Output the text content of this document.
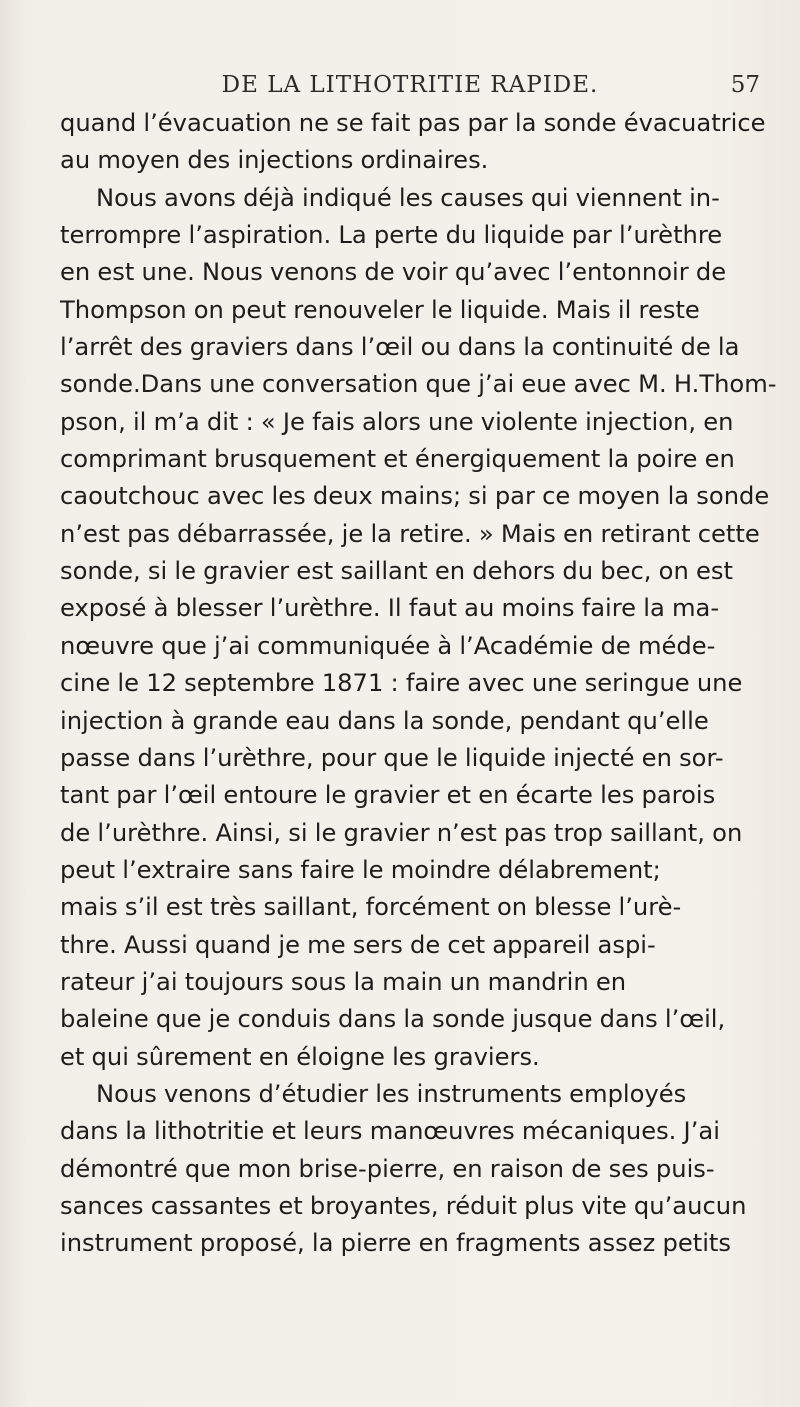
DE LA LITHOTRITIE RAPIDE.	57
quand l’évacuation ne se fait pas par la sonde évacuatrice
au moyen des injections ordinaires.
Nous avons déjà indiqué les causes qui viennent in-
terrompre l’aspiration. La perte du liquide par l’urèthre
en est une. Nous venons de voir qu’avec l’entonnoir de
Thompson on peut renouveler le liquide. Mais il reste
l’arrêt des graviers dans l’œil ou dans la continuité de la
sonde.Dans une conversation que j’ai eue avec M. H.Thom-
pson, il m’a dit : « Je fais alors une violente injection, en
comprimant brusquement et énergiquement la poire en
caoutchouc avec les deux mains; si par ce moyen la sonde
n’est pas débarrassée, je la retire. » Mais en retirant cette
sonde, si le gravier est saillant en dehors du bec, on est
exposé à blesser l’urèthre. Il faut au moins faire la ma-
nœuvre que j’ai communiquée à l’Académie de méde-
cine le 12 septembre 1871 : faire avec une seringue une
injection à grande eau dans la sonde, pendant qu’elle
passe dans l’urèthre, pour que le liquide injecté en sor-
tant par l’œil entoure le gravier et en écarte les parois
de l’urèthre. Ainsi, si le gravier n’est pas trop saillant, on
peut l’extraire sans faire le moindre délabrement;
mais s’il est très saillant, forcément on blesse l’urè-
thre. Aussi quand je me sers de cet appareil aspi-
rateur j’ai toujours sous la main un mandrin en
baleine que je conduis dans la sonde jusque dans l’œil,
et qui sûrement en éloigne les graviers.
Nous venons d’étudier les instruments employés
dans la lithotritie et leurs manœuvres mécaniques. J’ai
démontré que mon brise-pierre, en raison de ses puis-
sances cassantes et broyantes, réduit plus vite qu’aucun
instrument proposé, la pierre en fragments assez petits
